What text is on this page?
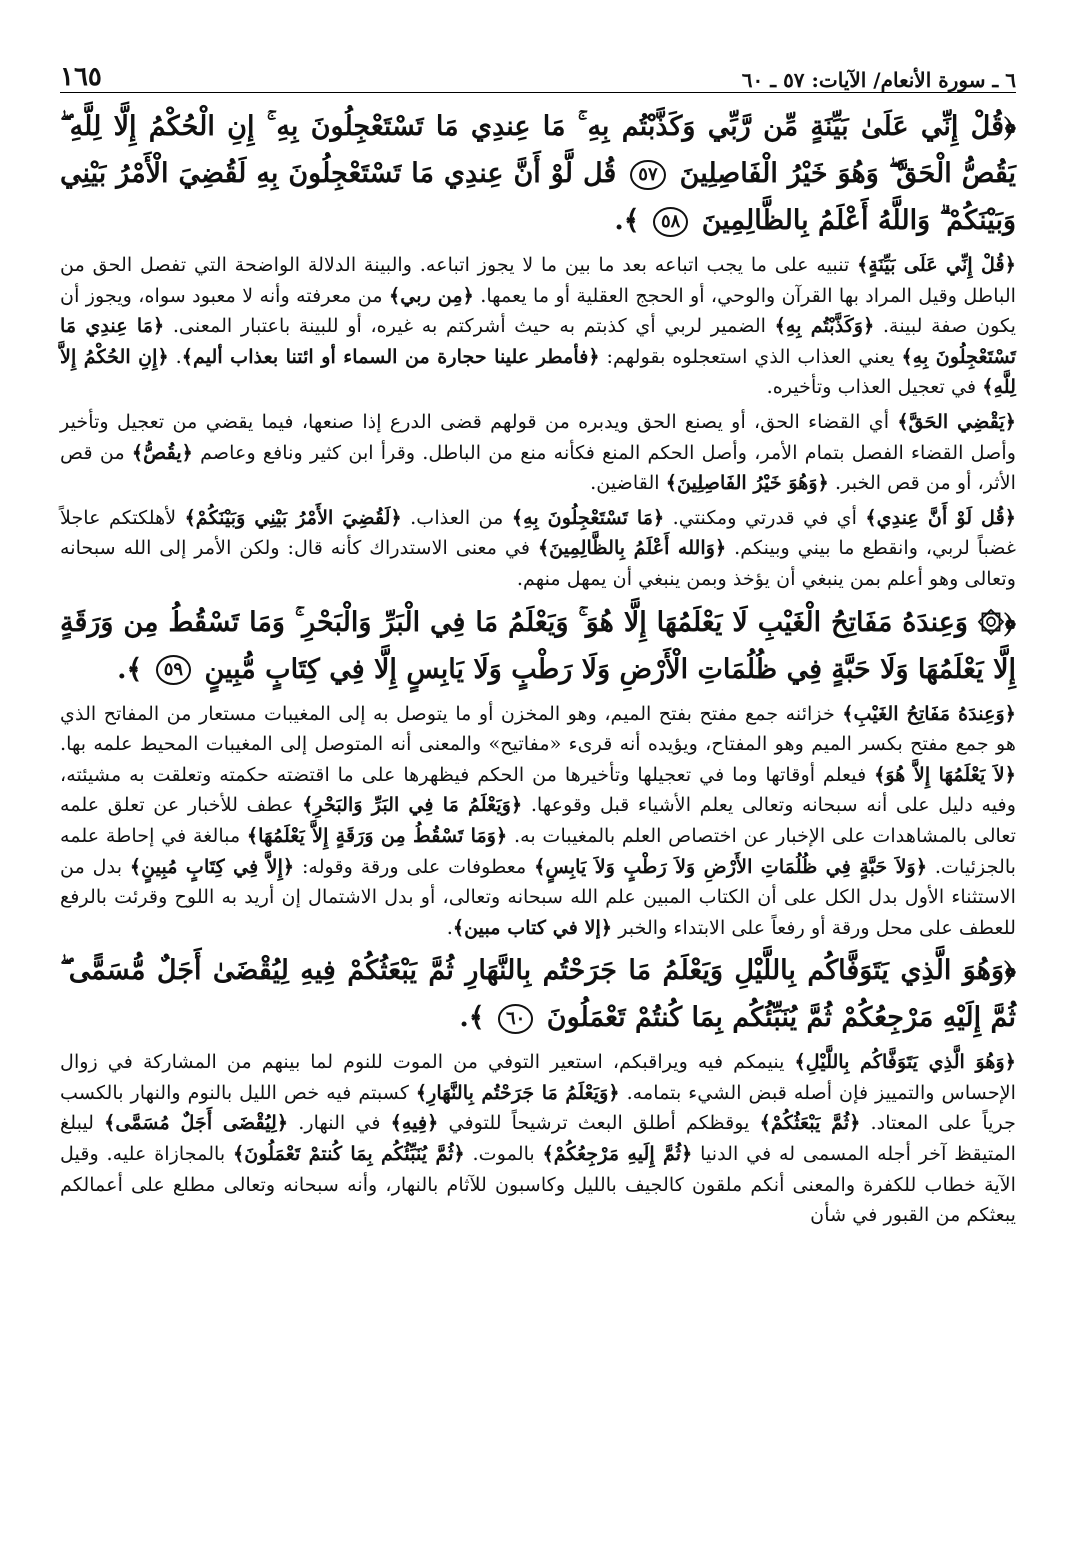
٦ ـ سورة الأنعام/ الآيات: ٥٧ ـ ٦٠
١٦٥
﴿قُلْ إِنِّي عَلَىٰ بَيِّنَةٍ مِّن رَّبِّي وَكَذَّبْتُم بِهِ ۚ مَا عِندِي مَا تَسْتَعْجِلُونَ بِهِ ۚ إِنِ الْحُكْمُ إِلَّا لِلَّهِ ۖ يَقُصُّ الْحَقَّ ۖ وَهُوَ خَيْرُ الْفَاصِلِينَ ٥٧ قُل لَّوْ أَنَّ عِندِي مَا تَسْتَعْجِلُونَ بِهِ لَقُضِيَ الْأَمْرُ بَيْنِي وَبَيْنَكُمْ ۗ وَاللَّهُ أَعْلَمُ بِالظَّالِمِينَ ٥٨ ﴾.

﴿قُلْ إِنِّي عَلَى بَيِّنَةٍ﴾ تنبيه على ما يجب اتباعه بعد ما بين ما لا يجوز اتباعه. والبينة الدلالة الواضحة التي تفصل الحق من الباطل وقيل المراد بها القرآن والوحي، أو الحجج العقلية أو ما يعمها. ﴿مِن ربي﴾ من معرفته وأنه لا معبود سواه، ويجوز أن يكون صفة لبينة. ﴿وَكَذَّبْتُم بِهِ﴾ الضمير لربي أي كذبتم به حيث أشركتم به غيره، أو للبينة باعتبار المعنى. ﴿مَا عِندِي مَا تَسْتَعْجِلُونَ بِهِ﴾ يعني العذاب الذي استعجلوه بقولهم: ﴿فأمطر علينا حجارة من السماء أو ائتنا بعذاب أليم﴾. ﴿إِنِ الحُكْمُ إِلاَّ لِلَّهِ﴾ في تعجيل العذاب وتأخيره.

﴿يَقْضِي الحَقَّ﴾ أي القضاء الحق، أو يصنع الحق ويدبره من قولهم قضى الدرع إذا صنعها، فيما يقضي من تعجيل وتأخير وأصل القضاء الفصل بتمام الأمر، وأصل الحكم المنع فكأنه منع من الباطل. وقرأ ابن كثير ونافع وعاصم ﴿يقُصُّ﴾ من قص الأثر، أو من قص الخبر. ﴿وَهُوَ خَيْرُ الفَاصِلِينَ﴾ القاضين.

﴿قُل لَوْ أَنَّ عِندِي﴾ أي في قدرتي ومكنتي. ﴿مَا تَسْتَعْجِلُونَ بِهِ﴾ من العذاب. ﴿لَقُضِيَ الأَمْرُ بَيْنِي وَبَيْنَكُمْ﴾ لأهلكتكم عاجلاً غضباً لربي، وانقطع ما بيني وبينكم. ﴿وَالله أَعْلَمُ بِالظَّالِمِينَ﴾ في معنى الاستدراك كأنه قال: ولكن الأمر إلى الله سبحانه وتعالى وهو أعلم بمن ينبغي أن يؤخذ وبمن ينبغي أن يمهل منهم.

﴿۞ وَعِندَهُ مَفَاتِحُ الْغَيْبِ لَا يَعْلَمُهَا إِلَّا هُوَ ۚ وَيَعْلَمُ مَا فِي الْبَرِّ وَالْبَحْرِ ۚ وَمَا تَسْقُطُ مِن وَرَقَةٍ إِلَّا يَعْلَمُهَا وَلَا حَبَّةٍ فِي ظُلُمَاتِ الْأَرْضِ وَلَا رَطْبٍ وَلَا يَابِسٍ إِلَّا فِي كِتَابٍ مُّبِينٍ ٥٩ ﴾.

﴿وَعِندَهُ مَفَاتِحُ الغَيْبِ﴾ خزائنه جمع مفتح بفتح الميم، وهو المخزن أو ما يتوصل به إلى المغيبات مستعار من المفاتح الذي هو جمع مفتح بكسر الميم وهو المفتاح، ويؤيده أنه قرىء «مفاتيح» والمعنى أنه المتوصل إلى المغيبات المحيط علمه بها. ﴿لاَ يَعْلَمُهَا إِلاَّ هُوَ﴾ فيعلم أوقاتها وما في تعجيلها وتأخيرها من الحكم فيظهرها على ما اقتضته حكمته وتعلقت به مشيئته، وفيه دليل على أنه سبحانه وتعالى يعلم الأشياء قبل وقوعها. ﴿وَيَعْلَمُ مَا فِي البَرِّ وَالبَحْرِ﴾ عطف للأخبار عن تعلق علمه تعالى بالمشاهدات على الإخبار عن اختصاص العلم بالمغيبات به. ﴿وَمَا تَسْقُطُ مِن وَرَقَةٍ إِلاَّ يَعْلَمُهَا﴾ مبالغة في إحاطة علمه بالجزئيات. ﴿وَلاَ حَبَّةٍ فِي ظُلُمَاتِ الأَرْضِ وَلاَ رَطْبٍ وَلاَ يَابِسٍ﴾ معطوفات على ورقة وقوله: ﴿إِلاَّ فِي كِتَابٍ مُبِينٍ﴾ بدل من الاستثناء الأول بدل الكل على أن الكتاب المبين علم الله سبحانه وتعالى، أو بدل الاشتمال إن أريد به اللوح وقرئت بالرفع للعطف على محل ورقة أو رفعاً على الابتداء والخبر ﴿إلا في كتاب مبين﴾.

﴿وَهُوَ الَّذِي يَتَوَفَّاكُم بِاللَّيْلِ وَيَعْلَمُ مَا جَرَحْتُم بِالنَّهَارِ ثُمَّ يَبْعَثُكُمْ فِيهِ لِيُقْضَىٰ أَجَلٌ مُّسَمًّى ۖ ثُمَّ إِلَيْهِ مَرْجِعُكُمْ ثُمَّ يُنَبِّئُكُم بِمَا كُنتُمْ تَعْمَلُونَ ٦٠ ﴾.

﴿وَهُوَ الَّذِي يَتَوَفَّاكُم بِاللَّيْلِ﴾ ينيمكم فيه ويراقبكم، استعير التوفي من الموت للنوم لما بينهم من المشاركة في زوال الإحساس والتمييز فإن أصله قبض الشيء بتمامه. ﴿وَيَعْلَمُ مَا جَرَحْتُم بِالنَّهَارِ﴾ كسبتم فيه خص الليل بالنوم والنهار بالكسب جرياً على المعتاد. ﴿ثُمَّ يَبْعَثُكُمْ﴾ يوقظكم أطلق البعث ترشيحاً للتوفي ﴿فِيهِ﴾ في النهار. ﴿لِيُقْضَى أَجَلٌ مُسَمَّى﴾ ليبلغ المتيقظ آخر أجله المسمى له في الدنيا ﴿ثُمَّ إِلَيهِ مَرْجِعُكُمْ﴾ بالموت. ﴿ثُمَّ يُنَبِّئُكُم بِمَا كُنتمْ تَعْمَلُونَ﴾ بالمجازاة عليه. وقيل الآية خطاب للكفرة والمعنى أنكم ملقون كالجيف بالليل وكاسبون للآثام بالنهار، وأنه سبحانه وتعالى مطلع على أعمالكم يبعثكم من القبور في شأن
